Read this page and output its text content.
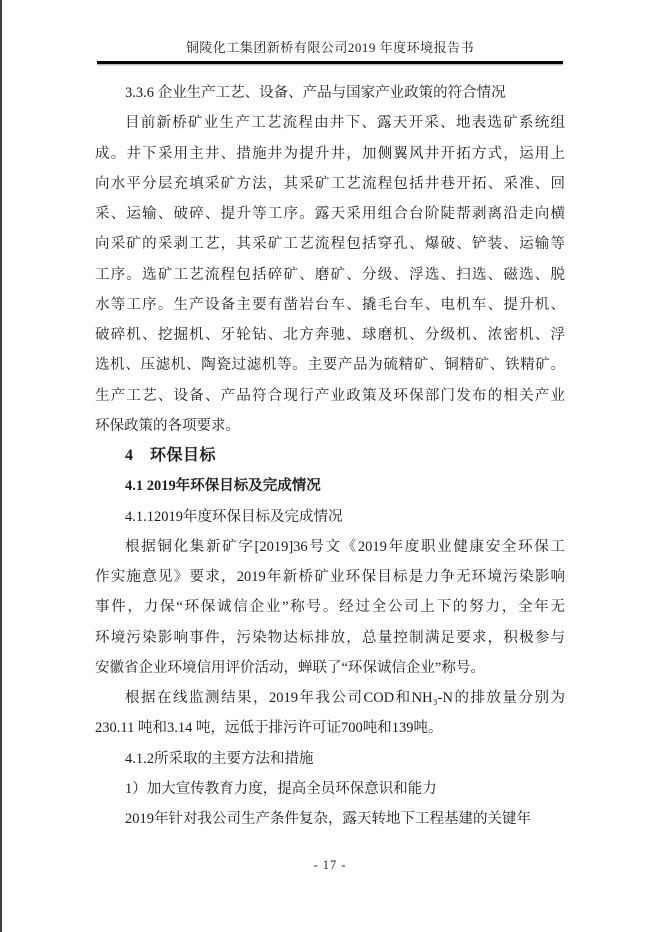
铜陵化工集团新桥有限公司2019 年度环境报告书
3.3.6 企业生产工艺、设备、产品与国家产业政策的符合情况
目前新桥矿业生产工艺流程由井下、露天开采、地表选矿系统组
成。井下采用主井、措施井为提升井，加侧翼风井开拓方式，运用上
向水平分层充填采矿方法，其采矿工艺流程包括井巷开拓、采准、回
采、运输、破碎、提升等工序。露天采用组合台阶陡帮剥离沿走向横
向采矿的采剥工艺，其采矿工艺流程包括穿孔、爆破、铲装、运输等
工序。选矿工艺流程包括碎矿、磨矿、分级、浮选、扫选、磁选、脱
水等工序。生产设备主要有凿岩台车、撬毛台车、电机车、提升机、
破碎机、挖掘机、牙轮钻、北方奔驰、球磨机、分级机、浓密机、浮
选机、压滤机、陶瓷过滤机等。主要产品为硫精矿、铜精矿、铁精矿。
生产工艺、设备、产品符合现行产业政策及环保部门发布的相关产业
环保政策的各项要求。
4　环保目标
4.1 2019年环保目标及完成情况
4.1.12019年度环保目标及完成情况
根据铜化集新矿字[2019]36号文《2019年度职业健康安全环保工
作实施意见》要求，2019年新桥矿业环保目标是力争无环境污染影响
事件，力保“环保诚信企业”称号。经过全公司上下的努力，全年无
环境污染影响事件，污染物达标排放，总量控制满足要求，积极参与
安徽省企业环境信用评价活动，蝉联了“环保诚信企业”称号。
根据在线监测结果，2019年我公司COD和NH₃-N的排放量分别为
230.11 吨和3.14 吨，远低于排污许可证700吨和139吨。
4.1.2所采取的主要方法和措施
1）加大宣传教育力度，提高全员环保意识和能力
2019年针对我公司生产条件复杂，露天转地下工程基建的关键年
- 17 -
